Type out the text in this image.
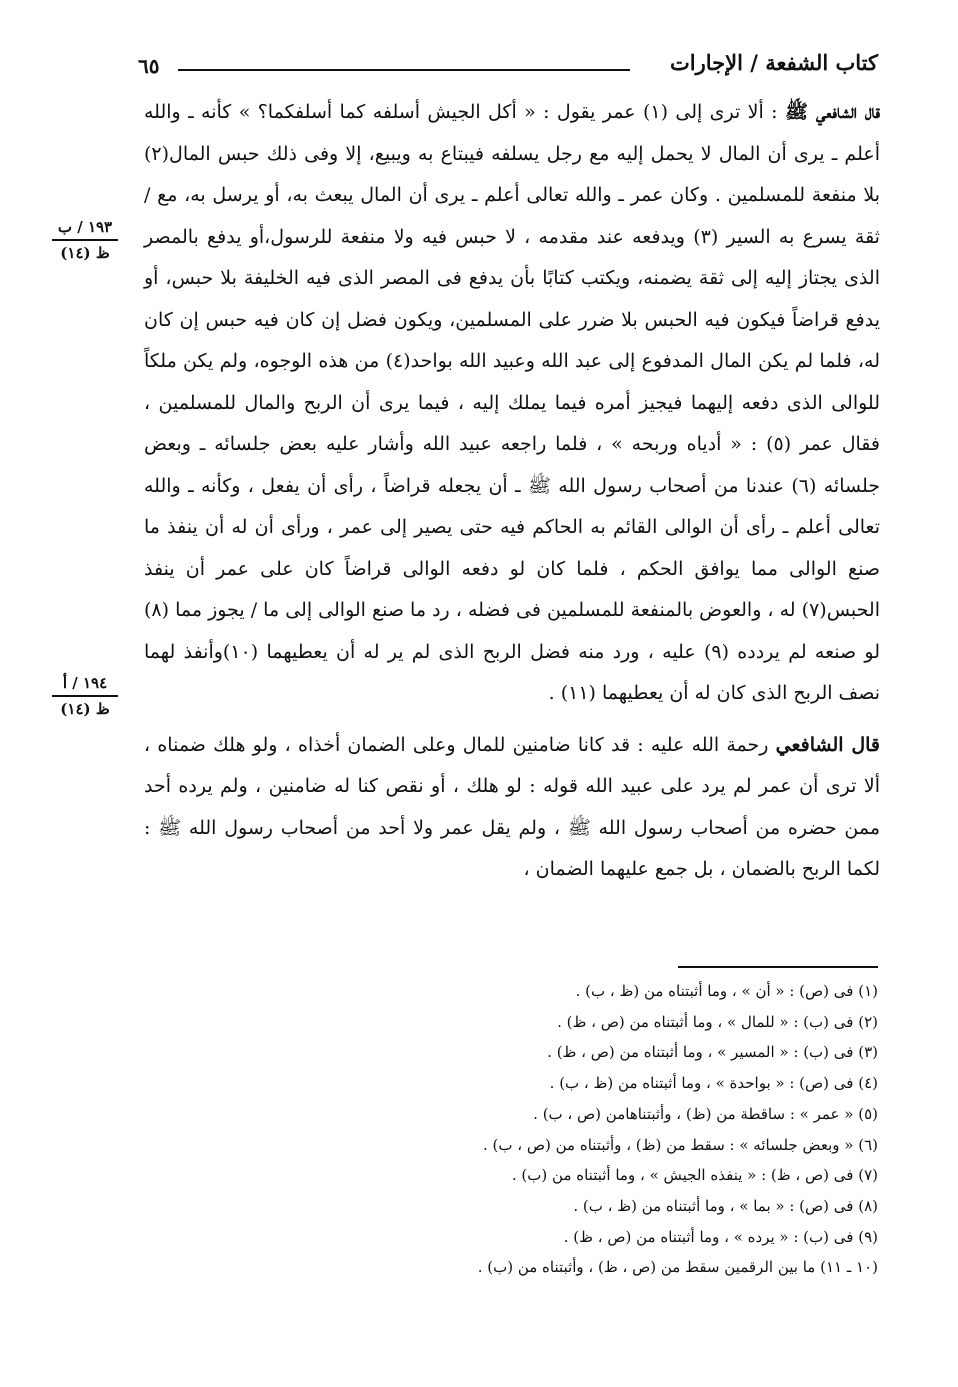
كتاب الشفعة / الإجارات
٦٥
١٩٣ / ب
ظ (١٤)
١٩٤ / أ
ظ (١٤)

قال الشافعي ﷺ : ألا ترى إلى (١) عمر يقول : « أكل الجيش أسلفه كما أسلفكما؟ » كأنه ـ والله أعلم ـ يرى أن المال لا يحمل إليه مع رجل يسلفه فيبتاع به ويبيع، إلا وفى ذلك حبس المال(٢) بلا منفعة للمسلمين . وكان عمر ـ والله تعالى أعلم ـ يرى أن المال يبعث به، أو يرسل به، مع / ثقة يسرع به السير (٣) ويدفعه عند مقدمه ، لا حبس فيه ولا منفعة للرسول،أو يدفع بالمصر الذى يجتاز إليه إلى ثقة يضمنه، ويكتب كتابًا بأن يدفع فى المصر الذى فيه الخليفة بلا حبس، أو يدفع قراضاً فيكون فيه الحبس بلا ضرر على المسلمين، ويكون فضل إن كان فيه حبس إن كان له، فلما لم يكن المال المدفوع إلى عبد الله وعبيد الله بواحد(٤) من هذه الوجوه، ولم يكن ملكاً للوالى الذى دفعه إليهما فيجيز أمره فيما يملك إليه ، فيما يرى أن الربح والمال للمسلمين ، فقال عمر (٥) : « أدياه وربحه » ، فلما راجعه عبيد الله وأشار عليه بعض جلسائه ـ وبعض جلسائه (٦) عندنا من أصحاب رسول الله ﷺ ـ أن يجعله قراضاً ، رأى أن يفعل ، وكأنه ـ والله تعالى أعلم ـ رأى أن الوالى القائم به الحاكم فيه حتى يصير إلى عمر ، ورأى أن له أن ينفذ ما صنع الوالى مما يوافق الحكم ، فلما كان لو دفعه الوالى قراضاً كان على عمر أن ينفذ الحبس(٧) له ، والعوض بالمنفعة للمسلمين فى فضله ، رد ما صنع الوالى إلى ما / يجوز مما (٨) لو صنعه لم يردده (٩) عليه ، ورد منه فضل الربح الذى لم ير له أن يعطيهما (١٠)وأنفذ لهما نصف الربح الذى كان له أن يعطيهما (١١) .

قال الشافعي رحمة الله عليه : قد كانا ضامنين للمال وعلى الضمان أخذاه ، ولو هلك ضمناه ، ألا ترى أن عمر لم يرد على عبيد الله قوله : لو هلك ، أو نقص كنا له ضامنين ، ولم يرده أحد ممن حضره من أصحاب رسول الله ﷺ ، ولم يقل عمر ولا أحد من أصحاب رسول الله ﷺ : لكما الربح بالضمان ، بل جمع عليهما الضمان ،

(١) فى (ص) : « أن » ، وما أثبتناه من (ظ ، ب) .
(٢) فى (ب) : « للمال » ، وما أثبتناه من (ص ، ظ) .
(٣) فى (ب) : « المسير » ، وما أثبتناه من (ص ، ظ) .
(٤) فى (ص) : « بواحدة » ، وما أثبتناه من (ظ ، ب) .
(٥) « عمر » : ساقطة من (ظ) ، وأثبتناهامن (ص ، ب) .
(٦) « وبعض جلسائه » : سقط من (ظ) ، وأثبتناه من (ص ، ب) .
(٧) فى (ص ، ظ) : « ينفذه الجيش » ، وما أثبتناه من (ب) .
(٨) فى (ص) : « بما » ، وما أثبتناه من (ظ ، ب) .
(٩) فى (ب) : « يرده » ، وما أثبتناه من (ص ، ظ) .
(١٠ ـ ١١) ما بين الرقمين سقط من (ص ، ظ) ، وأثبتناه من (ب) .
